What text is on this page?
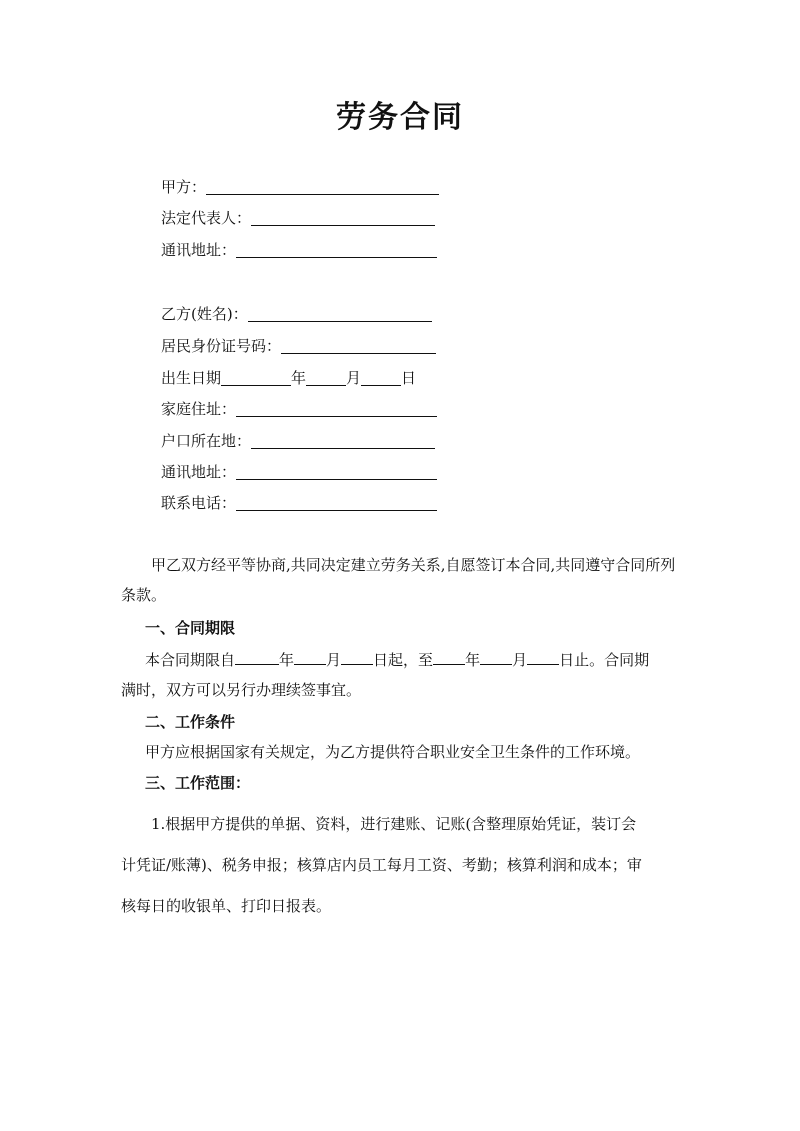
劳务合同
甲方：
法定代表人：
通讯地址：
乙方(姓名)：
居民身份证号码：
出生日期	年	月	日
家庭住址：
户口所在地：
通讯地址：
联系电话：
甲乙双方经平等协商,共同决定建立劳务关系,自愿签订本合同,共同遵守合同所列条款。
一、合同期限
本合同期限自	年 月 日起，至 年 月 日止。合同期
满时，双方可以另行办理续签事宜。
二、工作条件
甲方应根据国家有关规定，为乙方提供符合职业安全卫生条件的工作环境。
三、工作范围：
1.根据甲方提供的单据、资料，进行建账、记账(含整理原始凭证，装订会
计凭证/账薄)、税务申报；核算店内员工每月工资、考勤；核算利润和成本；审
核每日的收银单、打印日报表。
